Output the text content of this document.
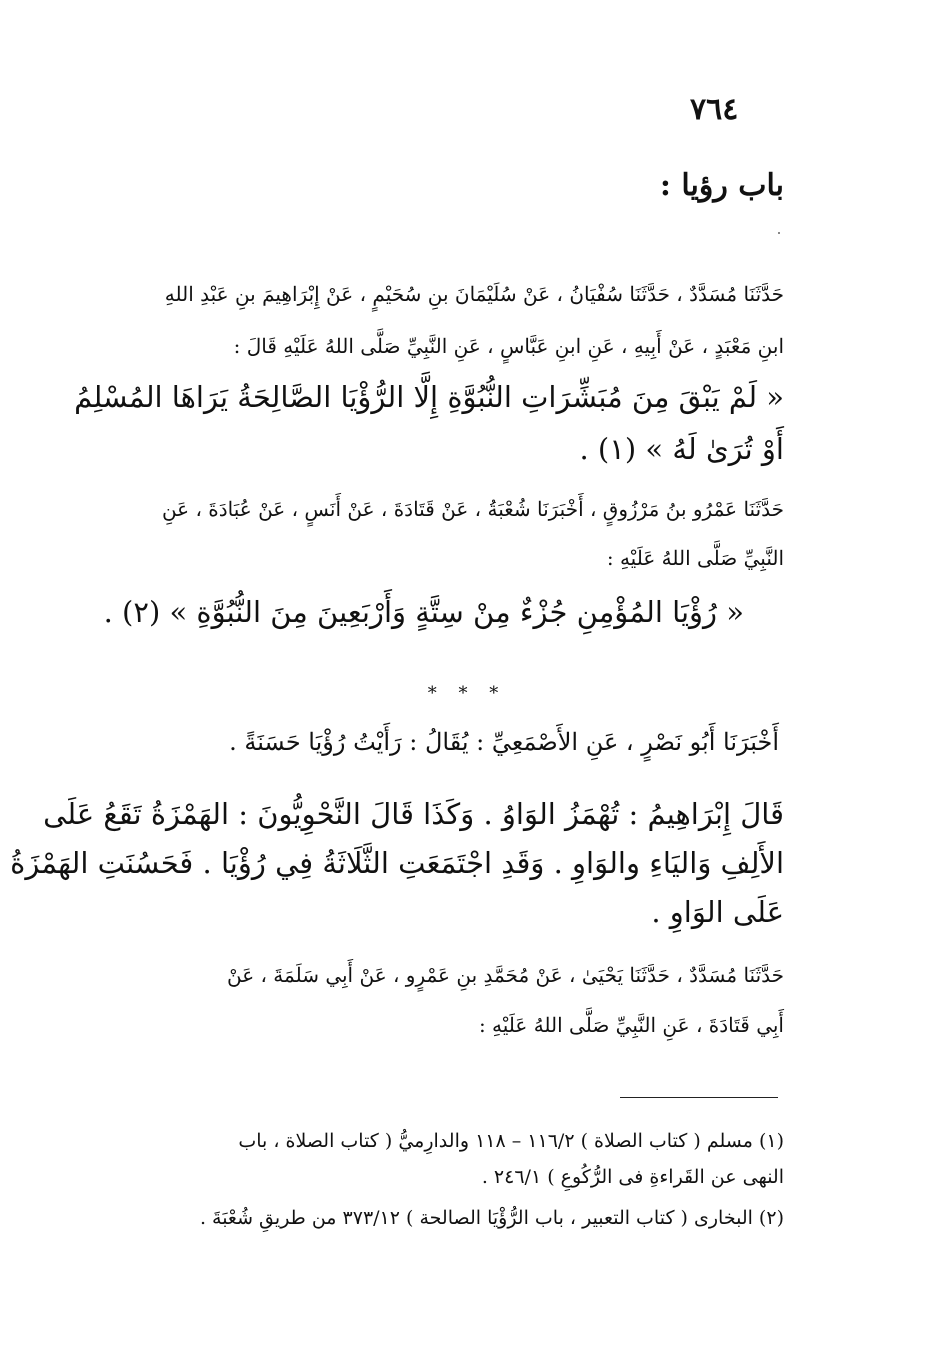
٧٦٤
باب رؤيا :
حَدَّثَنَا مُسَدَّدٌ ، حَدَّثَنَا سُفْيَانُ ، عَنْ سُلَيْمَانَ بنِ سُحَيْمٍ ، عَنْ إِبْرَاهِيمَ بنِ عَبْدِ اللهِ
ابنِ مَعْبَدٍ ، عَنْ أَبِيهِ ، عَنِ ابنِ عَبَّاسٍ ، عَنِ النَّبِيِّ صَلَّى اللهُ عَلَيْهِ قَالَ :
« لَمْ يَبْقَ مِنَ مُبَشِّرَاتِ النُّبُوَّةِ إِلَّا الرُّؤْيَا الصَّالِحَةُ يَرَاهَا المُسْلِمُ
أَوْ تُرَىٰ لَهُ » (١) .
حَدَّثَنَا عَمْرُو بنُ مَرْزُوقٍ ، أَخْبَرَنَا شُعْبَةُ ، عَنْ قَتَادَةَ ، عَنْ أَنَسٍ ، عَنْ عُبَادَةَ ، عَنِ
النَّبِيِّ صَلَّى اللهُ عَلَيْهِ :
« رُؤْيَا المُؤْمِنِ جُزْءٌ مِنْ سِتَّةٍ وَأَرْبَعِينَ مِنَ النُّبُوَّةِ » (٢) .
* * *
أَخْبَرَنَا أَبُو نَصْرٍ ، عَنِ الأَصْمَعِيِّ : يُقَالُ : رَأَيْتُ رُؤْيَا حَسَنَةً .
قَالَ إِبْرَاهِيمُ : تُهْمَزُ الوَاوُ . وَكَذَا قَالَ النَّحْوِيُّونَ : الهَمْزَةُ تَقَعُ عَلَى
الأَلِفِ وَاليَاءِ والوَاوِ . وَقَدِ اجْتَمَعَتِ الثَّلَاثَةُ فِي رُؤْيَا . فَحَسُنَتِ الهَمْزَةُ
عَلَى الوَاوِ .
حَدَّثَنَا مُسَدَّدٌ ، حَدَّثَنَا يَحْيَىٰ ، عَنْ مُحَمَّدِ بنِ عَمْرٍو ، عَنْ أَبِي سَلَمَةَ ، عَنْ
أَبِي قَتَادَةَ ، عَنِ النَّبِيِّ صَلَّى اللهُ عَلَيْهِ :
(١) مسلم ( كتاب الصلاة ) ١١٦/٢ – ١١٨ والدارِميُّ ( كتاب الصلاة ، باب
النهى عن القَراءةِ فى الرُّكُوعِ ) ٢٤٦/١ .
(٢) البخارى ( كتاب التعبير ، باب الرُّؤْيَا الصالحة ) ٣٧٣/١٢ من طريقِ شُعْبَةَ .
